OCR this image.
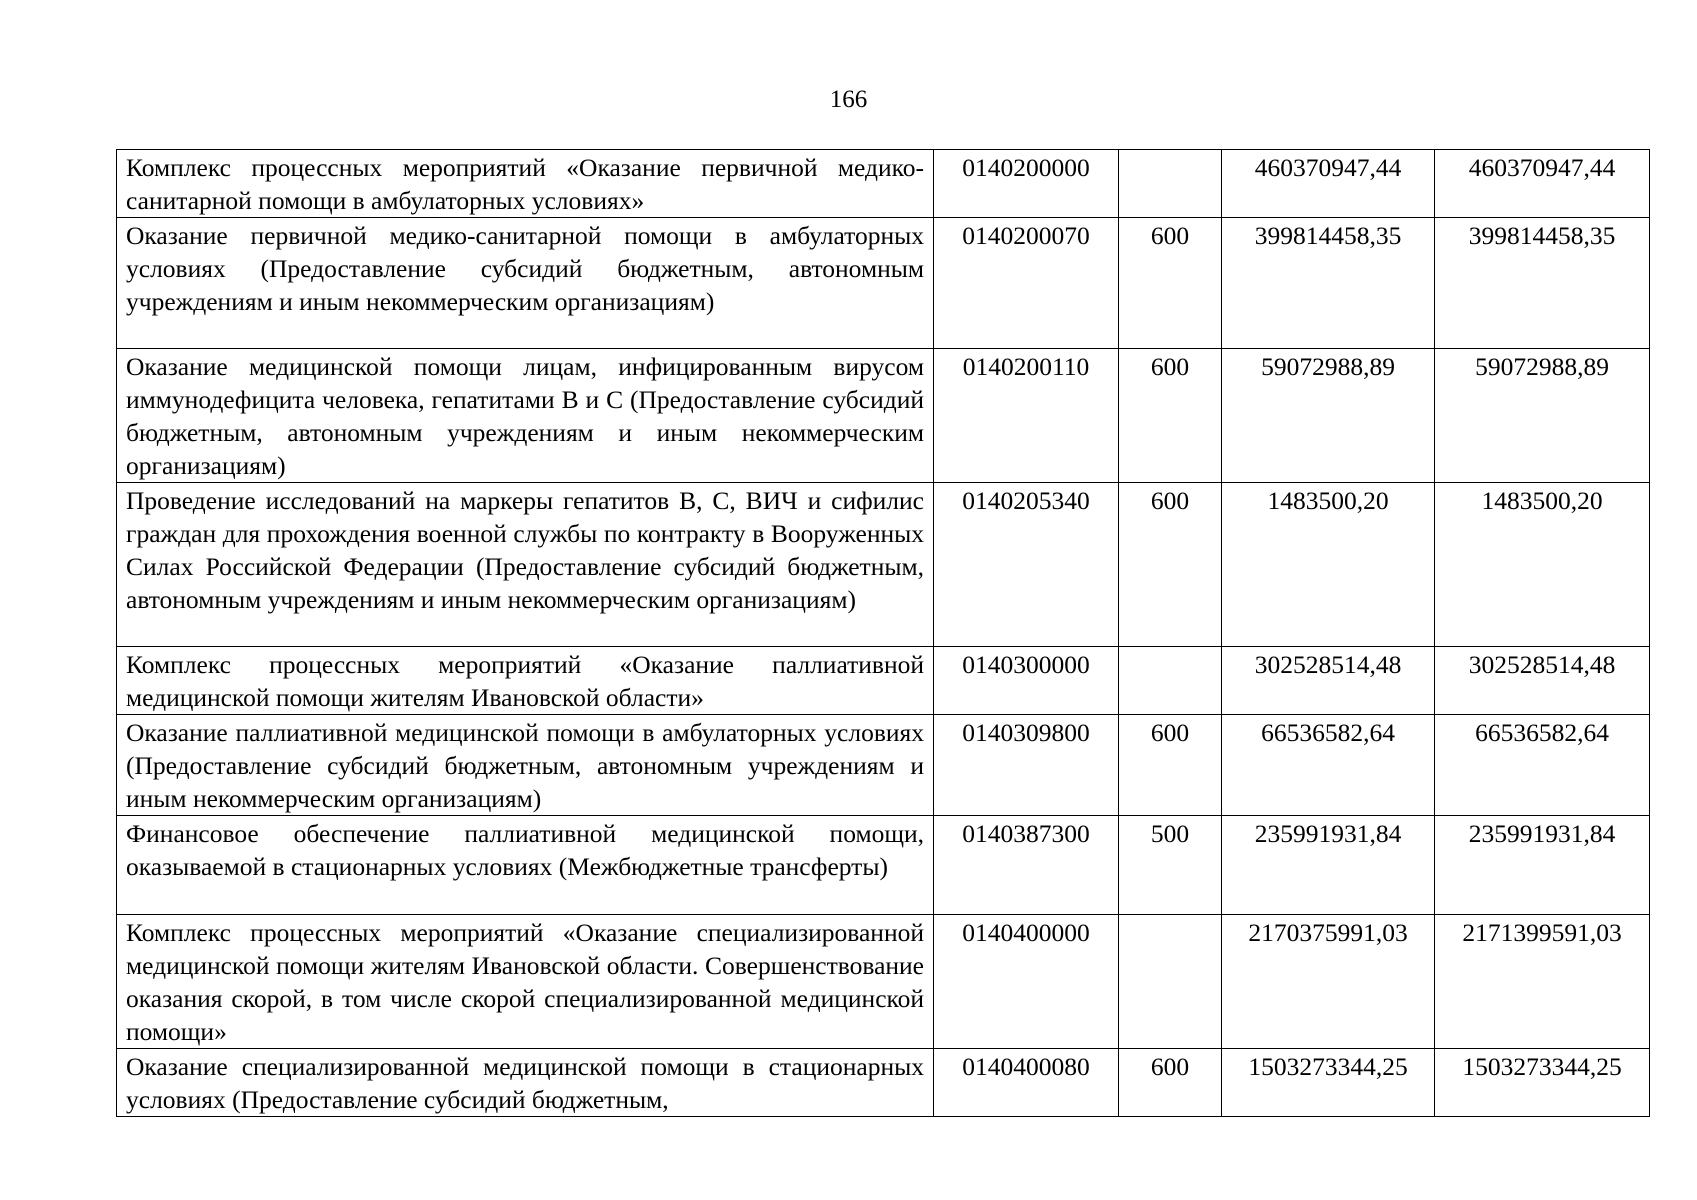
166
Комплекс процессных мероприятий «Оказание первичной медико-санитарной помощи в амбулаторных условиях»	0140200000		460370947,44	460370947,44
Оказание первичной медико-санитарной помощи в амбулаторных условиях (Предоставление субсидий бюджетным, автономным учреждениям и иным некоммерческим организациям)	0140200070	600	399814458,35	399814458,35
Оказание медицинской помощи лицам, инфицированным вирусом иммунодефицита человека, гепатитами В и С (Предоставление субсидий бюджетным, автономным учреждениям и иным некоммерческим организациям)	0140200110	600	59072988,89	59072988,89
Проведение исследований на маркеры гепатитов В, С, ВИЧ и сифилис граждан для прохождения военной службы по контракту в Вооруженных Силах Российской Федерации (Предоставление субсидий бюджетным, автономным учреждениям и иным некоммерческим организациям)	0140205340	600	1483500,20	1483500,20
Комплекс процессных мероприятий «Оказание паллиативной медицинской помощи жителям Ивановской области»	0140300000		302528514,48	302528514,48
Оказание паллиативной медицинской помощи в амбулаторных условиях (Предоставление субсидий бюджетным, автономным учреждениям и иным некоммерческим организациям)	0140309800	600	66536582,64	66536582,64
Финансовое обеспечение паллиативной медицинской помощи, оказываемой в стационарных условиях (Межбюджетные трансферты)	0140387300	500	235991931,84	235991931,84
Комплекс процессных мероприятий «Оказание специализированной медицинской помощи жителям Ивановской области. Совершенствование оказания скорой, в том числе скорой специализированной медицинской помощи»	0140400000		2170375991,03	2171399591,03
Оказание специализированной медицинской помощи в стационарных условиях (Предоставление субсидий бюджетным,	0140400080	600	1503273344,25	1503273344,25
